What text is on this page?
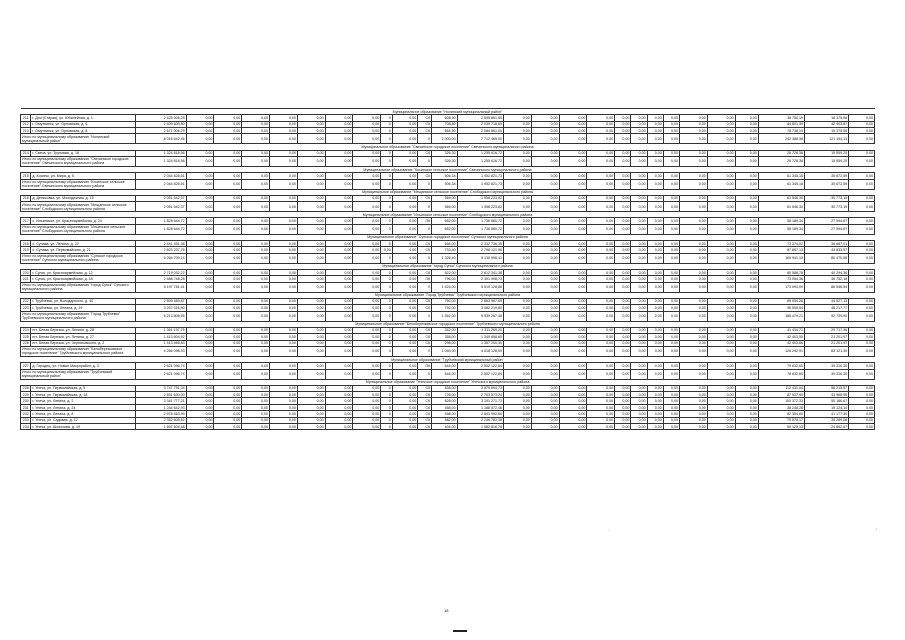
Муниципальное образование "Нолинский муниципальный район"																												
211	г. Дно (Старая), ул. Юбилейная, д. 1	2 425 006,25	0,00	0,00	0,00	0,00	0,00	0,00	0,00	0	0,00	СК	608,90	2 595 861,66	0,00	0,00	0,00	0,00	0,00	0,00	0,00	0,00	0,00	0,00	0,00	38 750,19	18 375,08	0,00
212	г. Омутнинск, ул. Орловская, д. 6	2 409 609,80	0,00	0,00	0,00	0,00	0,00	0,00	0,00	0	0,00	СК	708,80	2 039 718,60	0,00	0,00	0,00	0,00	0,00	0,00	0,00	0,00	0,00	0,00	0,00	84 801,39	42 403,87	0,00
213	г. Омутнинск, ул. Орловская, д. 8	2 671 006,29	0,00	0,00	0,00	0,00	0,00	0,00	0,00	0	0,00	СК	664,50	2 084 861,00	0,00	0,00	0,00	0,00	0,00	0,00	0,00	0,00	0,00	0,00	0,00	78 736,19	19 375,08	0,00
Итого по муниципальному образованию "Нолинский муниципальный район"		8 016 642,46	0,00	0,00	0,00	0,00	0,00	0,00	0,00	0	0,00	Х	2 000,00	7 712 465,00	0,00	0,00	0,00	0,00	0,00	0,00	0,00	0,00	0,00	0,00	0,00	242 388,38	121 194,13	0,00
Муниципальное образование "Свечинское городское поселение" Свечинского муниципального района																												
214	г. Свеча, ул. Труновая, д. 18	1 324 818,56	0,00	0,00	0,00	0,00	0,00	0,00	0,00	0	0,00	СК	326,30	1 255 616,72	0,00	0,00	0,00	0,00	0,00	0,00	0,00	0,00	0,00	0,00	0,00	26 728,38	15 559,25	0,00
Итого по муниципальному образованию "Свечинское городское поселение" Свечинского муниципального района		1 324 818,56	0,00	0,00	0,00	0,00	0,00	0,00	0,00	0	0,00	Х	326,30	1 255 616,72	0,00	0,00	0,00	0,00	0,00	0,00	0,00	0,00	0,00	0,00	0,00	26 728,38	15 559,25	0,00
Муниципальное образование "Косинское сельское поселение" Свечинского муниципального района																												
215	д. Косины, ул. Мира, д. 5	2 044 828,51	0,00	0,00	0,00	0,00	0,00	0,00	0,00	0	0,00	СК	506,34	1 952 821,73	0,00	0,00	0,00	0,00	0,00	0,00	0,00	0,00	0,00	0,00	0,00	61 345,18	30 672,59	0,00
Итого по муниципальному образованию "Косинское сельское поселение" Свечинского муниципального района		2 044 828,51	0,00	0,00	0,00	0,00	0,00	0,00	0,00	0	0,00	Х	506,34	1 952 821,73	0,00	0,00	0,00	0,00	0,00	0,00	0,00	0,00	0,00	0,00	0,00	61 345,18	30 672,59	0,00
Муниципальное образование "Мещанское сельское поселение" Слободского муниципального района																												
216	д. Денисовка, ул. Молодежная, д. 15	2 051 542,37	0,00	0,00	0,00	0,00	0,00	0,00	0,00	0	0,00	СК	569,00	1 958 223,82	0,00	0,00	0,00	0,00	0,00	0,00	0,00	0,00	0,00	0,00	0,00	61 546,30	30 773,15	0,00
Итого по муниципальному образованию "Мещанское сельское поселение" Слободского муниципального района		2 051 542,37	0,00	0,00	0,00	0,00	0,00	0,00	0,00	0	0,00	Х	569,00	1 958 223,82	0,00	0,00	0,00	0,00	0,00	0,00	0,00	0,00	0,00	0,00	0,00	61 546,30	30 773,15	0,00
Муниципальное образование "Ильинское сельское поселение" Слободского муниципального района																												
217	с. Ильинское, ул. Красноармейская, д. 24	1 828 644,72	0,00	0,00	0,00	0,00	0,00	0,00	0,00	0	0,00	ПК	652,00	1 736 880,72	0,00	0,00	0,00	0,00	0,00	0,00	0,00	0,00	0,00	0,00	0,00	55 189,34	27 594,67	0,00
Итого по муниципальному образованию "Ильинское сельское поселение" Слободского муниципального района		1 828 644,72	0,00	0,00	0,00	0,00	0,00	0,00	0,00	0	0,00	Х	652,00	1 736 880,72	0,00	0,00	0,00	0,00	0,00	0,00	0,00	0,00	0,00	0,00	0,00	55 189,34	27 594,67	0,00
Муниципальное образование "Сунское городское поселение" Сунского муниципального района																												
218	с. Сунава, ул. Ленина, д. 22	2 441 451,38	0,00	0,00	0,00	0,00	0,00	0,00	0,00	0	0,00	СК	694,00	2 332 736,35	0,00	0,00	0,00	0,00	0,00	0,00	0,00	0,00	0,00	0,00	0,00	73 374,02	36 687,01	0,00
219	с. Сунава, ул. Первомайская, д. 21	2 823 237,76	0,00	0,00	0,00	0,00	0,00	0,00	0,00	0,00	0,00	СК	733,40	2 798 121,96	0,00	0,00	0,00	0,00	0,00	0,00	0,00	0,00	0,00	0,00	0,00	87 667,13	43 833,57	0,00
Итого по муниципальному образованию "Сунское городское поселение" Сунского муниципального района		5 264 709,14	0,00	0,00	0,00	0,00	0,00	0,00	0,00	0	0,00	Х	1 326,40	5 130 998,41	0,00	0,00	0,00	0,00	0,00	0,00	0,00	0,00	0,00	0,00	0,00	160 941,15	80 470,58	0,00
Муниципальное образование "город Сунск" Сунского муниципального района																												
220	г. Сунск, ул. Красноармейская, д. 12	2 719 032,22	0,00	0,00	0,00	0,00	0,00	0,00	0,00	0	0,00	СК	622,00	2 612 341,38	0,00	0,00	0,00	0,00	0,00	0,00	0,00	0,00	0,00	0,00	0,00	80 588,78	40 294,36	0,00
221	г. Сунск, ул. Красноармейская, д. 18	2 488 748,28	0,00	0,00	0,00	0,00	0,00	0,00	0,00	0	0,00	ПК	796,00	2 391 998,73	0,00	0,00	0,00	0,00	0,00	0,00	0,00	0,00	0,00	0,00	0,00	73 054,36	36 752,18	0,00
Итого по муниципальному образованию "город Сунск" Сунского муниципального района		5 197 781,41	0,00	0,00	0,00	0,00	0,00	0,00	0,00	0	0,00	Х	1 424,00	5 510 128,86	0,00	0,00	0,00	0,00	0,00	0,00	0,00	0,00	0,00	0,00	0,00	173 093,09	86 546,54	0,00
Муниципальное образование "Город Трубчевск" Трубчевского муниципального района																												
222	г. Трубчевск, ул. Володарского, д. 40	2 899 489,87	0,00	0,00	0,00	0,00	0,00	0,00	0,00	0	0,00	СК	760,00	2 863 967,69	0,00	0,00	0,00	0,00	0,00	0,00	0,00	0,00	0,00	0,00	0,00	89 054,26	44 527,13	0,00
223	г. Трубчевск, ул. Ленина, д. 19	3 207 316,90	0,00	0,00	0,00	0,00	0,00	0,00	0,00	0	0,00	СК	792,00	3 082 219,80	0,00	0,00	0,00	0,00	0,00	0,00	0,00	0,00	0,00	0,00	0,00	96 505,54	48 217,77	0,00
Итого по муниципальному образованию "Город Трубчевск" Трубчевского муниципального района		6 213 808,55	0,00	0,00	0,00	0,00	0,00	0,00	0,00	0	0,00	Х	1 552,00	5 939 267,48	0,00	0,00	0,00	0,00	0,00	0,00	0,00	0,00	0,00	0,00	0,00	185 479,21	92 739,90	0,00
Муниципальное образование "Белоберезковское городское поселение" Трубчевского муниципального района																												
224	пгт. Белая Березка, ул. Ленина, д. 28	1 361 197,75	0,00	0,00	0,00	0,00	0,00	0,00	0,00	0	0,00	СК	342,00	1 311 269,20	0,00	0,00	0,00	0,00	0,00	0,00	0,00	0,00	0,00	0,00	0,00	41 434,71	20 717,36	0,00
225	пгт. Белая Березка, ул. Ленина, д. 27	1 413 804,92	0,00	0,00	0,00	0,00	0,00	0,00	0,00	0	0,00	СК	358,00	1 349 658,60	0,00	0,00	0,00	0,00	0,00	0,00	0,00	0,00	0,00	0,00	0,00	42 403,55	21 201,97	0,00
226	пгт. Белая Березка, ул. Черняховского, д. 2	1 413 456,83	0,00	0,00	0,00	0,00	0,00	0,00	0,00	0	0,00	СК	298,00	1 357 200,30	0,00	0,00	0,00	0,00	0,00	0,00	0,00	0,00	0,00	0,00	0,00	42 403,66	21 201,97	0,00
Итого по муниципальному образованию "Белоберезковское городское поселение" Трубчевского муниципального района		4 266 098,93	0,00	0,00	0,00	0,00	0,00	0,00	0,00	0	0,00	Х	1 040,00	4 018 128,09	0,00	0,00	0,00	0,00	0,00	0,00	0,00	0,00	0,00	0,00	0,00	126 242,91	63 121,30	0,00
Муниципальное образование "Трубчевский муниципальный район"																												
227	д. Городец, ул. Новые Микрорайон, д. 3	2 621 096,74	0,00	0,00	0,00	0,00	0,00	0,00	0,00	0	0,00	ПК	644,00	2 502 122,84	0,00	0,00	0,00	0,00	0,00	0,00	0,00	0,00	0,00	0,00	0,00	79 632,60	39 316,30	0,00
Итого по муниципальному образованию "Трубчевский муниципальный район"		2 621 096,74	0,00	0,00	0,00	0,00	0,00	0,00	0,00	0	0,00	Х	644,00	2 502 122,84	0,00	0,00	0,00	0,00	0,00	0,00	0,00	0,00	0,00	0,00	0,00	78 632,60	39 316,30	0,00
Муниципальное образование "Унечское городское поселение" Унечского муниципального района																												
228	г. Унеча, ул. Первомайская, д. 5	3 747 751,34	0,00	0,00	0,00	0,00	0,00	0,00	0,00	0	0,00	СК	838,00	3 579 694,73	0,00	0,00	0,00	0,00	0,00	0,00	0,00	0,00	0,00	0,00	0,00	112 431,04	56 215,57	0,00
229	г. Унеча, ул. Первомайская, д. 18	2 831 630,00	0,00	0,00	0,00	0,00	0,00	0,00	0,00	0	0,00	СК	726,00	2 703 573,24	0,00	0,00	0,00	0,00	0,00	0,00	0,00	0,00	0,00	0,00	0,00	87 937,90	43 968,95	0,00
230	г. Унеча, ул. Ленина, д. 2	3 341 777,21	0,00	0,00	0,00	0,00	0,00	0,00	0,00	0	0,00	СК	828,00	3 191 271,73	0,00	0,00	0,00	0,00	0,00	0,00	0,00	0,00	0,00	0,00	0,00	100 372,33	50 186,67	0,00
231	г. Унеча, ул. Ленина, д. 24	1 244 642,93	0,00	0,00	0,00	0,00	0,00	0,00	0,00	0	0,00	СК	458,00	1 188 572,46	0,00	0,00	0,00	0,00	0,00	0,00	0,00	0,00	0,00	0,00	0,00	38 248,28	19 124,14	0,00
232	г. Унеча, ул. Ленина, д. 8	2 978 463,99	0,00	0,00	0,00	0,00	0,00	0,00	0,00	0	0,00	СК	598,00	2 843 992,60	0,00	0,00	0,00	0,00	0,00	0,00	0,00	0,00	0,00	0,00	0,00	82 354,60	41 177,30	0,00
233	г. Унеча, ул. Садовая, д. 12	2 352 605,62	0,00	0,00	0,00	0,00	0,00	0,00	0,00	0	0,00	СК	582,00	2 246 783,38	0,00	0,00	0,00	0,00	0,00	0,00	0,00	0,00	0,00	0,00	0,00	70 578,17	35 289,08	0,00
234	г. Унеча, ул. Шолохова, д. 19	1 657 504,48	0,00	0,00	0,00	0,00	0,00	0,00	0,00	0	0,00	СК	404,00	1 582 816,78	0,00	0,00	0,00	0,00	0,00	0,00	0,00	0,00	0,00	0,00	0,00	50 125,13	24 862,57	0,00
.	,
18
